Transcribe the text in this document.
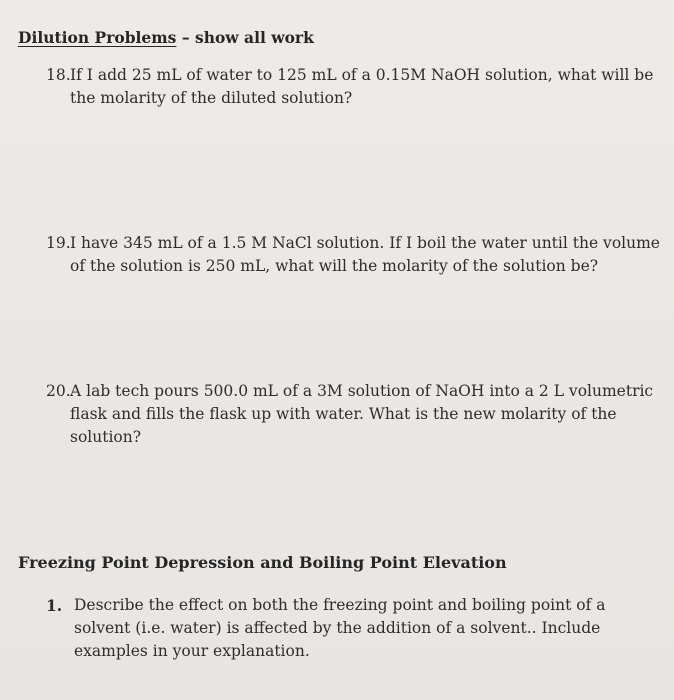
Dilution Problems – show all work
18. If I add 25 mL of water to 125 mL of a 0.15M NaOH solution, what will be the molarity of the diluted solution?
19. I have 345 mL of a 1.5 M NaCl solution. If I boil the water until the volume of the solution is 250 mL, what will the molarity of the solution be?
20. A lab tech pours 500.0 mL of a 3M solution of NaOH into a 2 L volumetric flask and fills the flask up with water. What is the new molarity of the solution?
Freezing Point Depression and Boiling Point Elevation
1. Describe the effect on both the freezing point and boiling point of a solvent (i.e. water) is affected by the addition of a solvent.. Include examples in your explanation.
